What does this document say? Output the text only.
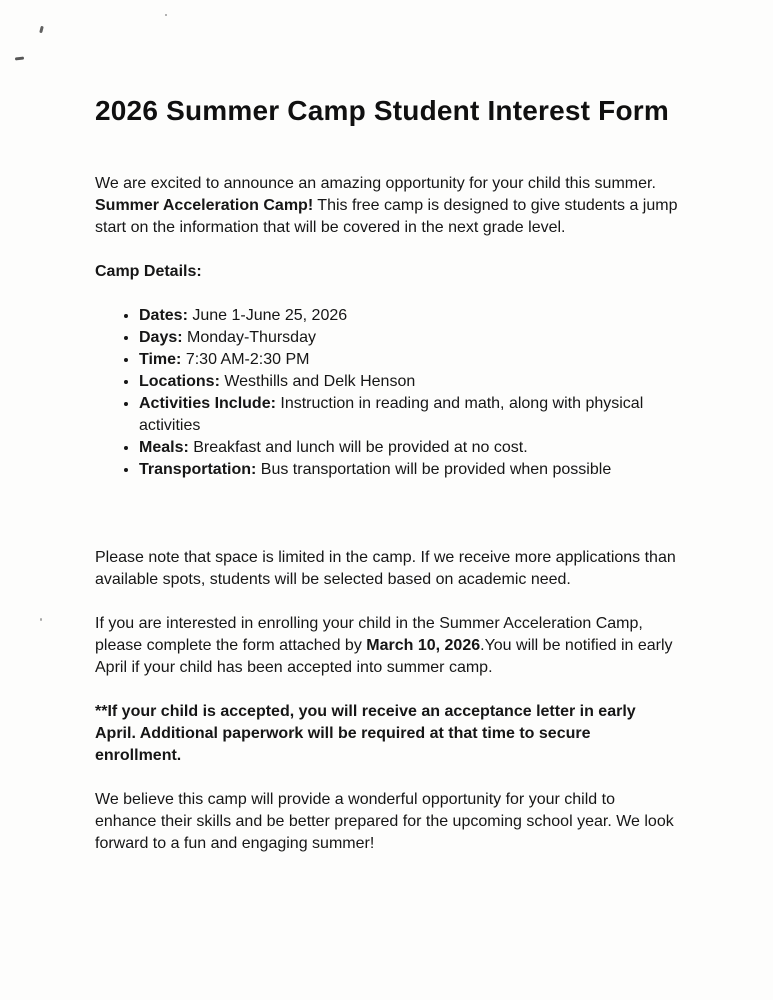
2026 Summer Camp Student Interest Form

We are excited to announce an amazing opportunity for your child this summer. Summer Acceleration Camp! This free camp is designed to give students a jump start on the information that will be covered in the next grade level.

Camp Details:

• Dates: June 1-June 25, 2026
• Days: Monday-Thursday
• Time: 7:30 AM-2:30 PM
• Locations: Westhills and Delk Henson
• Activities Include: Instruction in reading and math, along with physical activities
• Meals: Breakfast and lunch will be provided at no cost.
• Transportation: Bus transportation will be provided when possible

Please note that space is limited in the camp. If we receive more applications than available spots, students will be selected based on academic need.

If you are interested in enrolling your child in the Summer Acceleration Camp, please complete the form attached by March 10, 2026.You will be notified in early April if your child has been accepted into summer camp.

**If your child is accepted, you will receive an acceptance letter in early April. Additional paperwork will be required at that time to secure enrollment.

We believe this camp will provide a wonderful opportunity for your child to enhance their skills and be better prepared for the upcoming school year. We look forward to a fun and engaging summer!
